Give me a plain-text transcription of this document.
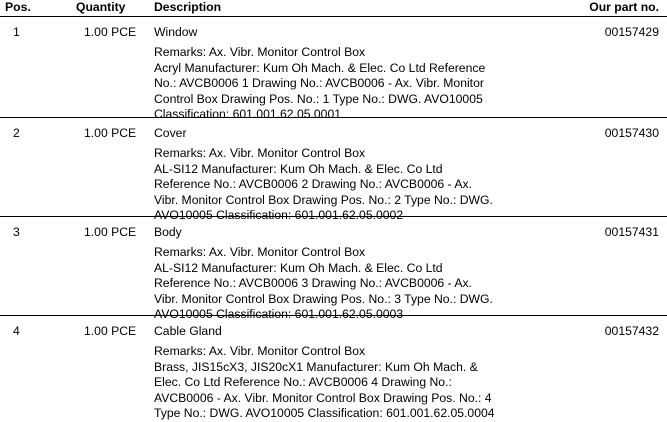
Pos.	Quantity Description	Our part no.
1	1.00 PCE Window	00157429
Remarks: Ax. Vibr. Monitor Control Box
Acryl Manufacturer: Kum Oh Mach. & Elec. Co Ltd Reference
No.: AVCB0006 1 Drawing No.: AVCB0006 - Ax. Vibr. Monitor
Control Box Drawing Pos. No.: 1 Type No.: DWG. AVO10005
Classification: 601.001.62.05.0001
2	1.00 PCE Cover	00157430
Remarks: Ax. Vibr. Monitor Control Box
AL-SI12 Manufacturer: Kum Oh Mach. & Elec. Co Ltd
Reference No.: AVCB0006 2 Drawing No.: AVCB0006 - Ax.
Vibr. Monitor Control Box Drawing Pos. No.: 2 Type No.: DWG.
AVO10005 Classification: 601.001.62.05.0002
3	1.00 PCE Body	00157431
Remarks: Ax. Vibr. Monitor Control Box
AL-SI12 Manufacturer: Kum Oh Mach. & Elec. Co Ltd
Reference No.: AVCB0006 3 Drawing No.: AVCB0006 - Ax.
Vibr. Monitor Control Box Drawing Pos. No.: 3 Type No.: DWG.
AVO10005 Classification: 601.001.62.05.0003
4	1.00 PCE Cable Gland	00157432
Remarks: Ax. Vibr. Monitor Control Box
Brass, JIS15cX3, JIS20cX1 Manufacturer: Kum Oh Mach. &
Elec. Co Ltd Reference No.: AVCB0006 4 Drawing No.:
AVCB0006 - Ax. Vibr. Monitor Control Box Drawing Pos. No.: 4
Type No.: DWG. AVO10005 Classification: 601.001.62.05.0004
